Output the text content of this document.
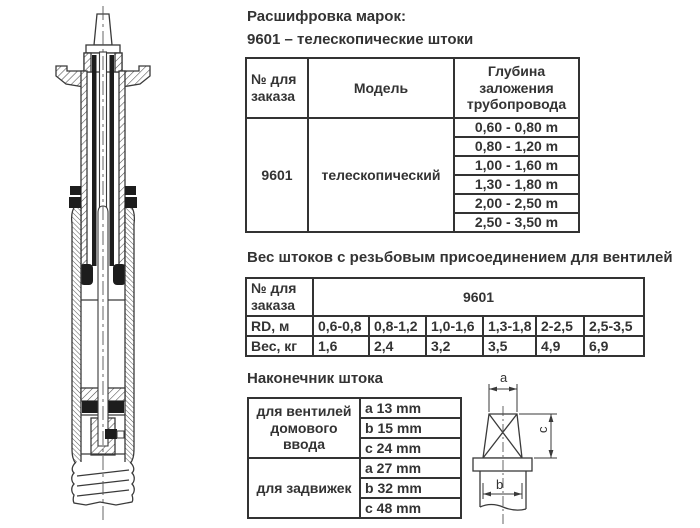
Расшифровка марок:
9601 – телескопические штоки
№ для заказа	Модель	Глубина заложения трубопровода
9601	телескопический	0,60 - 0,80 m
		0,80 - 1,20 m
		1,00 - 1,60 m
		1,30 - 1,80 m
		2,00 - 2,50 m
		2,50 - 3,50 m
Вес штоков с резьбовым присоединением для вентилей
№ для заказа	9601					
RD, м	0,6-0,8	0,8-1,2	1,0-1,6	1,3-1,8	2-2,5	2,5-3,5
Вес, кг	1,6	2,4	3,2	3,5	4,9	6,9
Наконечник штока
для вентилей
домового
ввода	a 13 mm
	b 15 mm
	c 24 mm

для задвижек	a 27 mm
	b 32 mm
	c 48 mm
a
b
c
